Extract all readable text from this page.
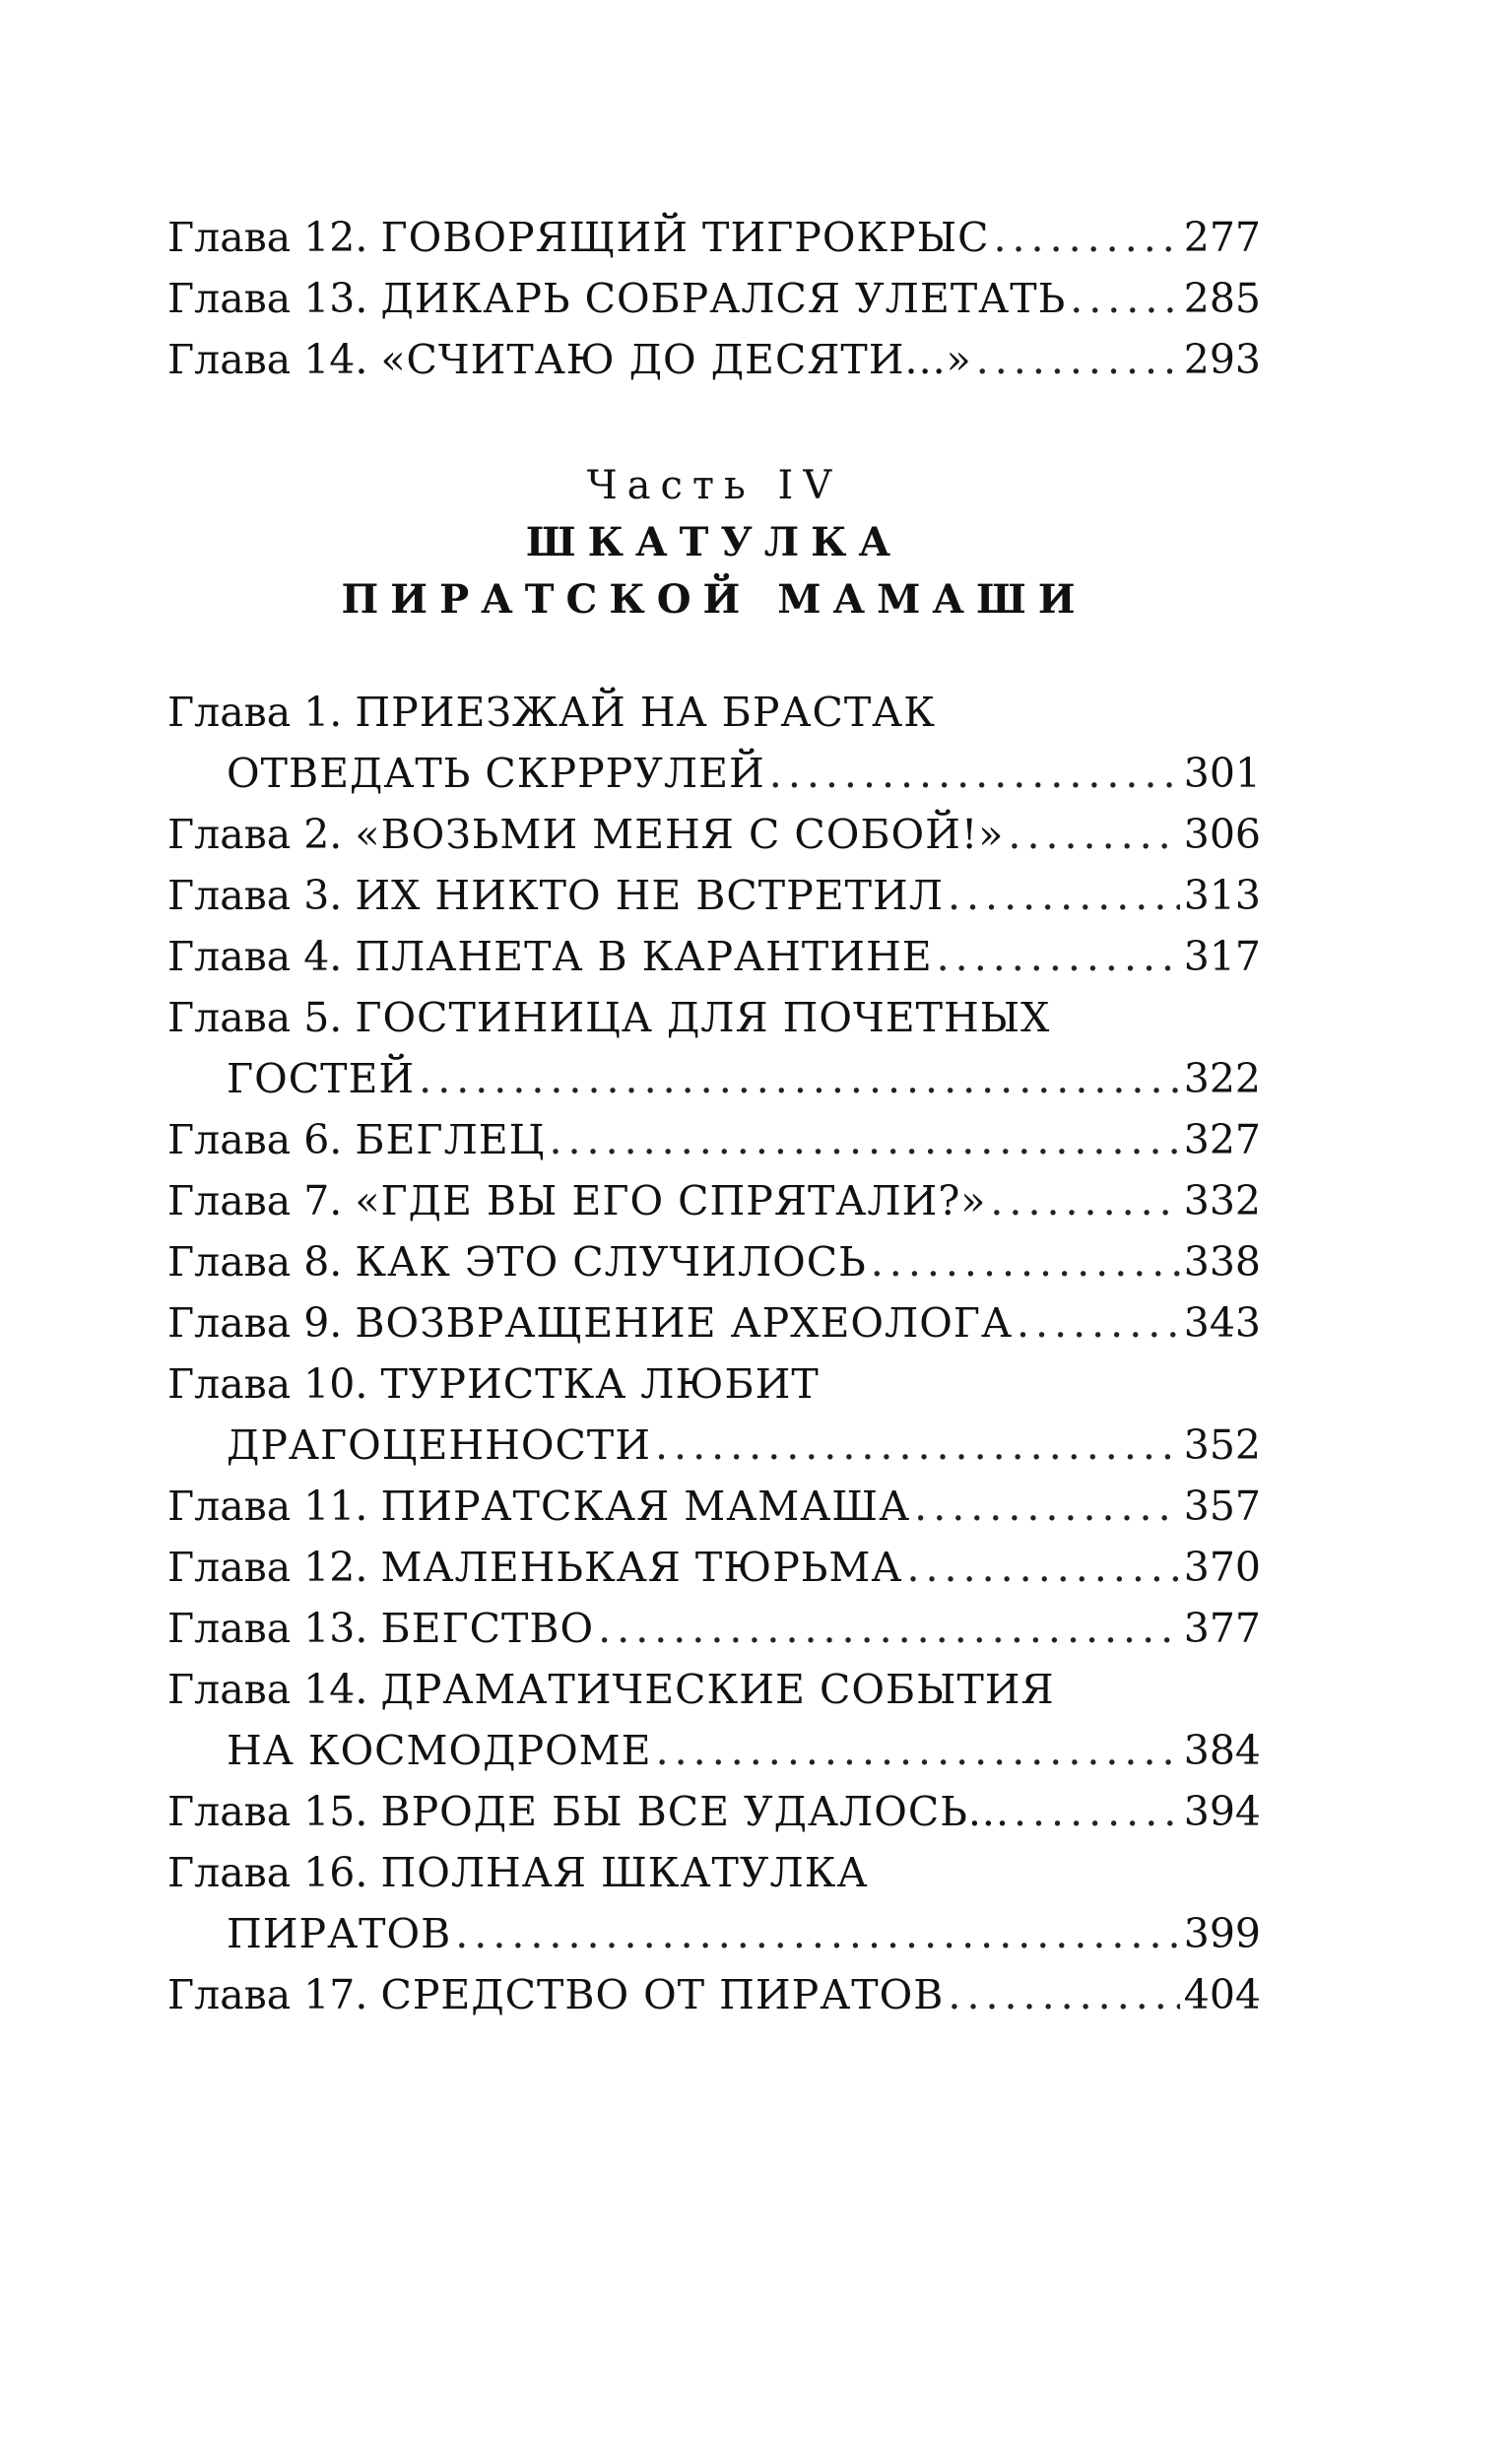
Глава 12.
ГОВОРЯЩИЙ ТИГРОКРЫС .....	277
Глава 13.
ДИКАРЬ СОБРАЛСЯ УЛЕТАТЬ .....	285
Глава 14.
«СЧИТАЮ ДО ДЕСЯТИ...» .....	293
Часть IV
ШКАТУЛКА
ПИРАТСКОЙ МАМАШИ
Глава 1.
ПРИЕЗЖАЙ НА БРАСТАК
ОТВЕДАТЬ СКРРРУЛЕЙ .....	301
Глава 2.
«ВОЗЬМИ МЕНЯ С СОБОЙ!» .....	306
Глава 3.
ИХ НИКТО НЕ ВСТРЕТИЛ .....	313
Глава 4.
ПЛАНЕТА В КАРАНТИНЕ .....	317
Глава 5.
ГОСТИНИЦА ДЛЯ ПОЧЕТНЫХ
ГОСТЕЙ .....	322
Глава 6.
БЕГЛЕЦ .....	327
Глава 7.
«ГДЕ ВЫ ЕГО СПРЯТАЛИ?» .....	332
Глава 8.
КАК ЭТО СЛУЧИЛОСЬ .....	338
Глава 9.
ВОЗВРАЩЕНИЕ АРХЕОЛОГА .....	343
Глава 10.
ТУРИСТКА ЛЮБИТ
ДРАГОЦЕННОСТИ .....	352
Глава 11.
ПИРАТСКАЯ МАМАША .....	357
Глава 12.
МАЛЕНЬКАЯ ТЮРЬМА .....	370
Глава 13.
БЕГСТВО .....	377
Глава 14.
ДРАМАТИЧЕСКИЕ СОБЫТИЯ
НА КОСМОДРОМЕ .....	384
Глава 15.
ВРОДЕ БЫ ВСЕ УДАЛОСЬ... .....	394
Глава 16.
ПОЛНАЯ ШКАТУЛКА
ПИРАТОВ .....	399
Глава 17.
СРЕДСТВО ОТ ПИРАТОВ .....	404
